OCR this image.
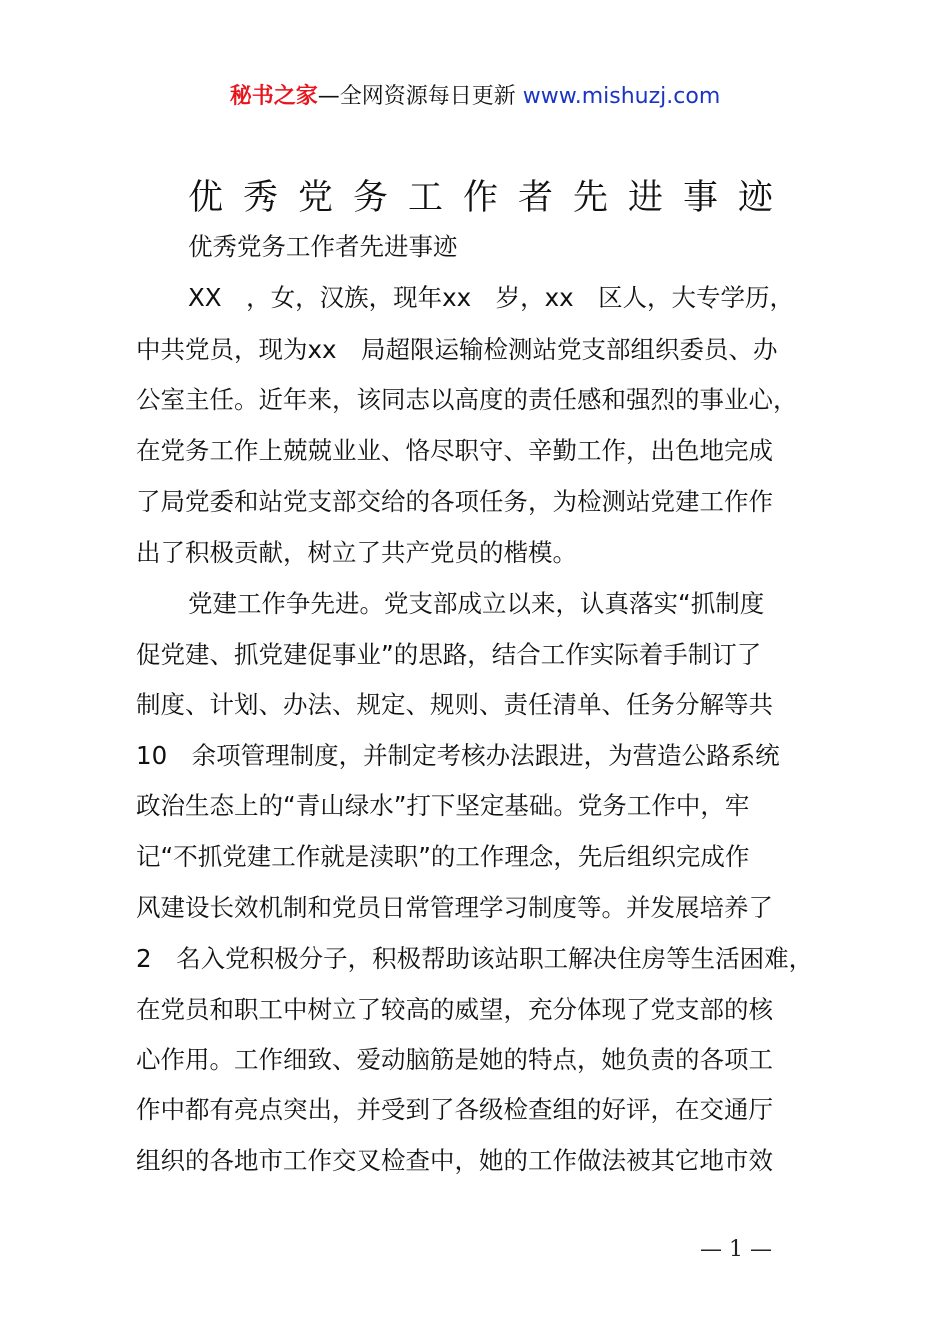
秘书之家—全网资源每日更新 www.mishuzj.com
优秀党务工作者先进事迹
优秀党务工作者先进事迹
XX　，女，汉族，现年xx　岁，xx　区人，大专学历，
中共党员，现为xx　局超限运输检测站党支部组织委员、办
公室主任。近年来，该同志以高度的责任感和强烈的事业心，
在党务工作上兢兢业业、恪尽职守、辛勤工作，出色地完成
了局党委和站党支部交给的各项任务，为检测站党建工作作
出了积极贡献，树立了共产党员的楷模。
党建工作争先进。党支部成立以来，认真落实“抓制度
促党建、抓党建促事业”的思路，结合工作实际着手制订了
制度、计划、办法、规定、规则、责任清单、任务分解等共
10　余项管理制度，并制定考核办法跟进，为营造公路系统
政治生态上的“青山绿水”打下坚定基础。党务工作中，牢
记“不抓党建工作就是渎职”的工作理念，先后组织完成作
风建设长效机制和党员日常管理学习制度等。并发展培养了
2　名入党积极分子，积极帮助该站职工解决住房等生活困难，
在党员和职工中树立了较高的威望，充分体现了党支部的核
心作用。工作细致、爱动脑筋是她的特点，她负责的各项工
作中都有亮点突出，并受到了各级检查组的好评，在交通厅
组织的各地市工作交叉检查中，她的工作做法被其它地市效
— 1 —
